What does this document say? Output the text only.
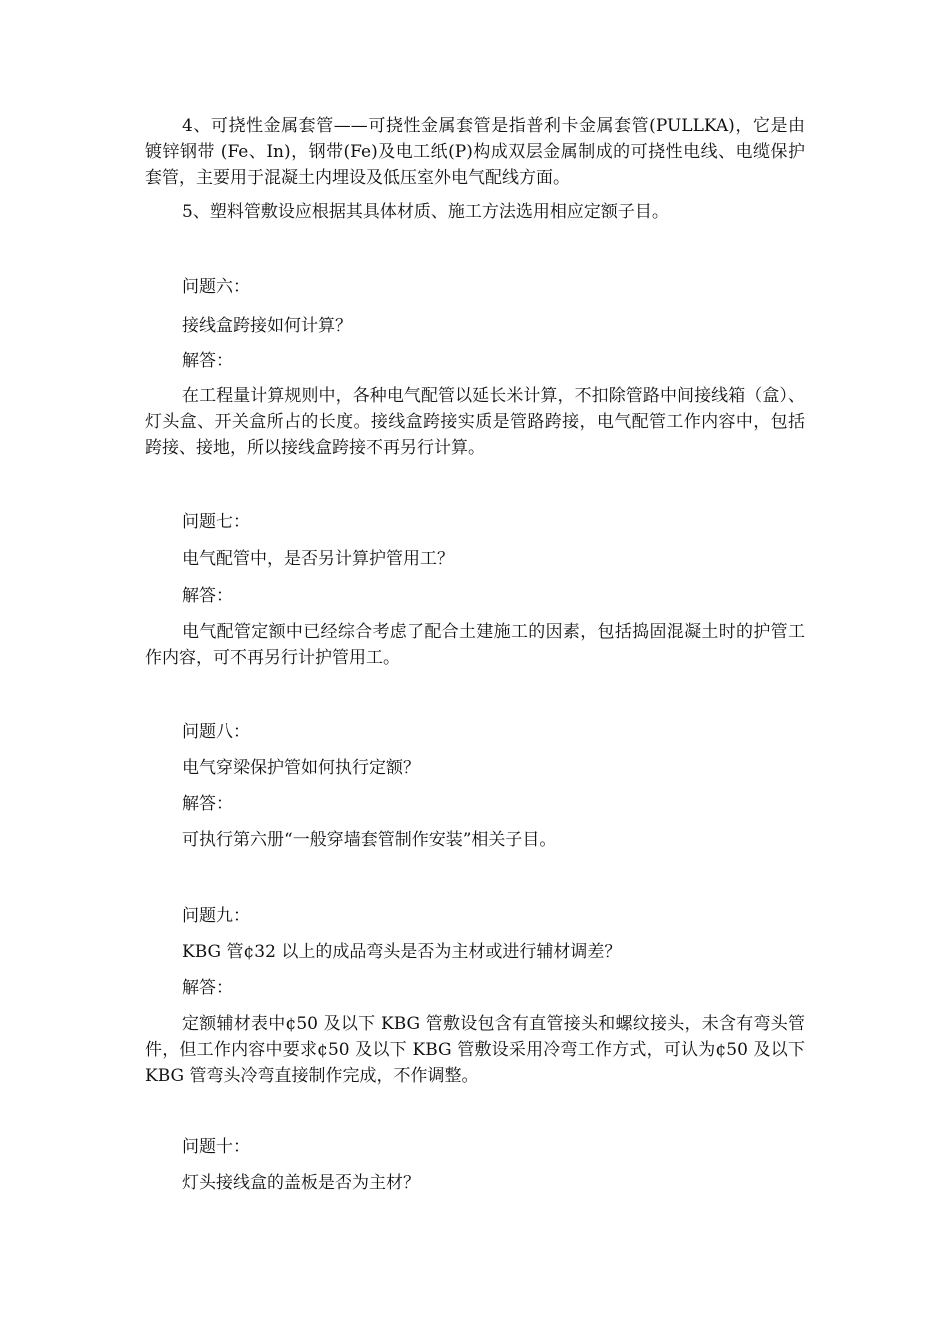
4、可挠性金属套管——可挠性金属套管是指普利卡金属套管(PULLKA)，它是由镀锌钢带 (Fe、In)，钢带(Fe)及电工纸(P)构成双层金属制成的可挠性电线、电缆保护套管，主要用于混凝土内埋设及低压室外电气配线方面。

5、塑料管敷设应根据其具体材质、施工方法选用相应定额子目。

问题六：

接线盒跨接如何计算？

解答：

在工程量计算规则中，各种电气配管以延长米计算，不扣除管路中间接线箱（盒）、灯头盒、开关盒所占的长度。接线盒跨接实质是管路跨接，电气配管工作内容中，包括跨接、接地，所以接线盒跨接不再另行计算。

问题七：

电气配管中，是否另计算护管用工？

解答：

电气配管定额中已经综合考虑了配合土建施工的因素，包括捣固混凝土时的护管工作内容，可不再另行计护管用工。

问题八：

电气穿梁保护管如何执行定额？

解答：

可执行第六册“一般穿墙套管制作安装”相关子目。

问题九：

KBG 管¢32 以上的成品弯头是否为主材或进行辅材调差？

解答：

定额辅材表中¢50 及以下 KBG 管敷设包含有直管接头和螺纹接头，未含有弯头管件，但工作内容中要求¢50 及以下 KBG 管敷设采用冷弯工作方式，可认为¢50 及以下 KBG 管弯头冷弯直接制作完成，不作调整。

问题十：

灯头接线盒的盖板是否为主材？
